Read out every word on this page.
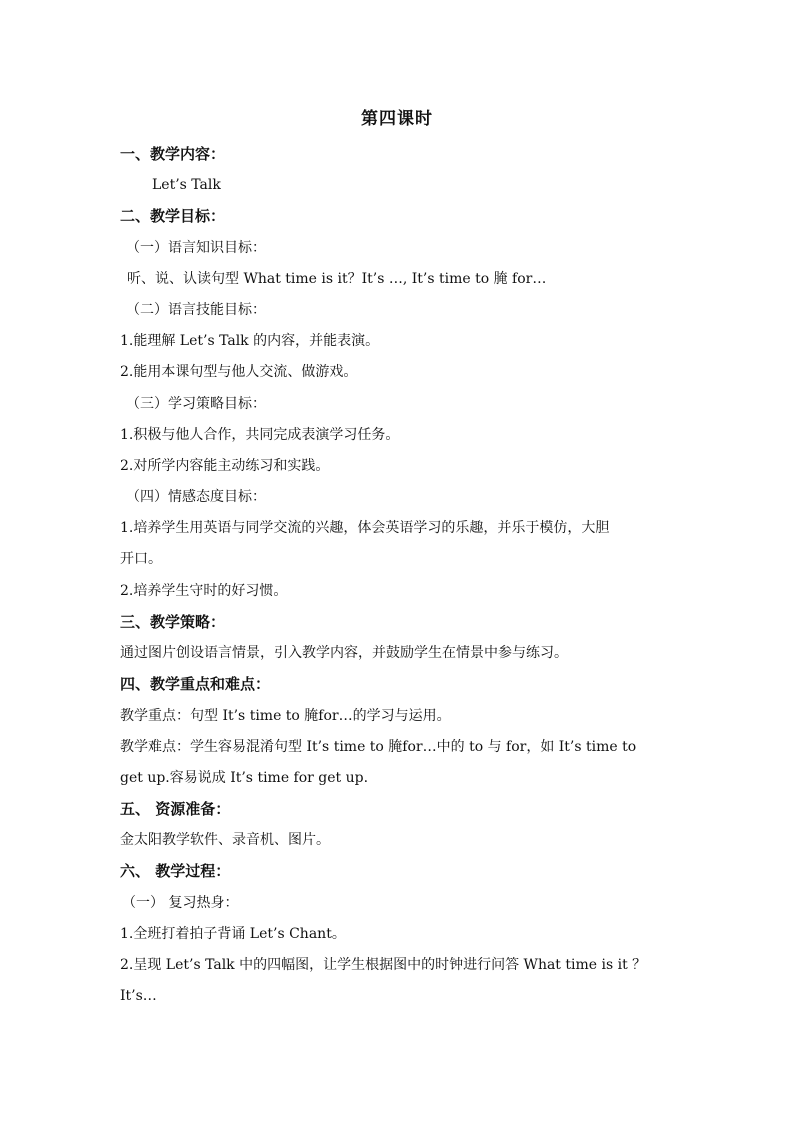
第四课时
一、教学内容：
Let’s Talk
二、教学目标：
（一）语言知识目标：
听、说、认读句型 What time is it？It’s …, It’s time to 腌 for…
（二）语言技能目标：
1.能理解 Let’s Talk 的内容，并能表演。
2.能用本课句型与他人交流、做游戏。
（三）学习策略目标：
1.积极与他人合作，共同完成表演学习任务。
2.对所学内容能主动练习和实践。
（四）情感态度目标：
1.培养学生用英语与同学交流的兴趣，体会英语学习的乐趣，并乐于模仿，大胆
开口。
2.培养学生守时的好习惯。
三、教学策略：
通过图片创设语言情景，引入教学内容，并鼓励学生在情景中参与练习。
四、教学重点和难点：
教学重点：句型 It’s time to 腌for…的学习与运用。
教学难点：学生容易混淆句型 It’s time to 腌for…中的 to 与 for，如 It’s time to
get up.容易说成 It’s time for get up.
五、 资源准备：
金太阳教学软件、录音机、图片。
六、 教学过程：
（一） 复习热身：
1.全班打着拍子背诵 Let’s Chant。
2.呈现 Let’s Talk 中的四幅图，让学生根据图中的时钟进行问答 What time is it ？
It’s…
